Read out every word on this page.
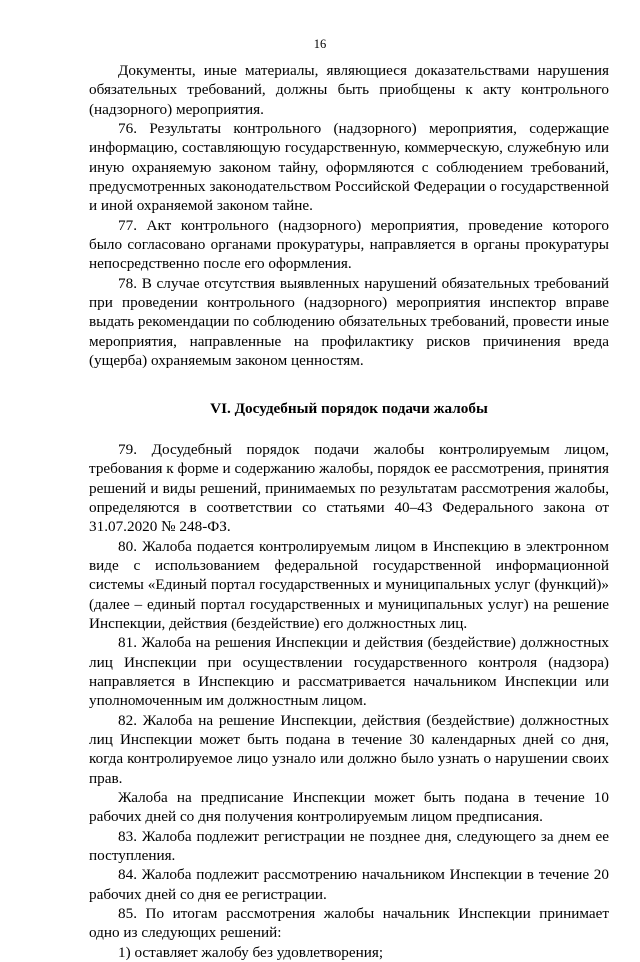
16

Документы, иные материалы, являющиеся доказательствами нарушения обязательных требований, должны быть приобщены к акту контрольного (надзорного) мероприятия.

76. Результаты контрольного (надзорного) мероприятия, содержащие информацию, составляющую государственную, коммерческую, служебную или иную охраняемую законом тайну, оформляются с соблюдением требований, предусмотренных законодательством Российской Федерации о государственной и иной охраняемой законом тайне.

77. Акт контрольного (надзорного) мероприятия, проведение которого было согласовано органами прокуратуры, направляется в органы прокуратуры непосредственно после его оформления.

78. В случае отсутствия выявленных нарушений обязательных требований при проведении контрольного (надзорного) мероприятия инспектор вправе выдать рекомендации по соблюдению обязательных требований, провести иные мероприятия, направленные на профилактику рисков причинения вреда (ущерба) охраняемым законом ценностям.

VI. Досудебный порядок подачи жалобы

79. Досудебный порядок подачи жалобы контролируемым лицом, требования к форме и содержанию жалобы, порядок ее рассмотрения, принятия решений и виды решений, принимаемых по результатам рассмотрения жалобы, определяются в соответствии со статьями 40–43 Федерального закона от 31.07.2020 № 248-ФЗ.

80. Жалоба подается контролируемым лицом в Инспекцию в электронном виде с использованием федеральной государственной информационной системы «Единый портал государственных и муниципальных услуг (функций)» (далее – единый портал государственных и муниципальных услуг) на решение Инспекции, действия (бездействие) его должностных лиц.

81. Жалоба на решения Инспекции и действия (бездействие) должностных лиц Инспекции при осуществлении государственного контроля (надзора) направляется в Инспекцию и рассматривается начальником Инспекции или уполномоченным им должностным лицом.

82. Жалоба на решение Инспекции, действия (бездействие) должностных лиц Инспекции может быть подана в течение 30 календарных дней со дня, когда контролируемое лицо узнало или должно было узнать о нарушении своих прав.

Жалоба на предписание Инспекции может быть подана в течение 10 рабочих дней со дня получения контролируемым лицом предписания.

83. Жалоба подлежит регистрации не позднее дня, следующего за днем ее поступления.

84. Жалоба подлежит рассмотрению начальником Инспекции в течение 20 рабочих дней со дня ее регистрации.

85. По итогам рассмотрения жалобы начальник Инспекции принимает одно из следующих решений:

1) оставляет жалобу без удовлетворения;
